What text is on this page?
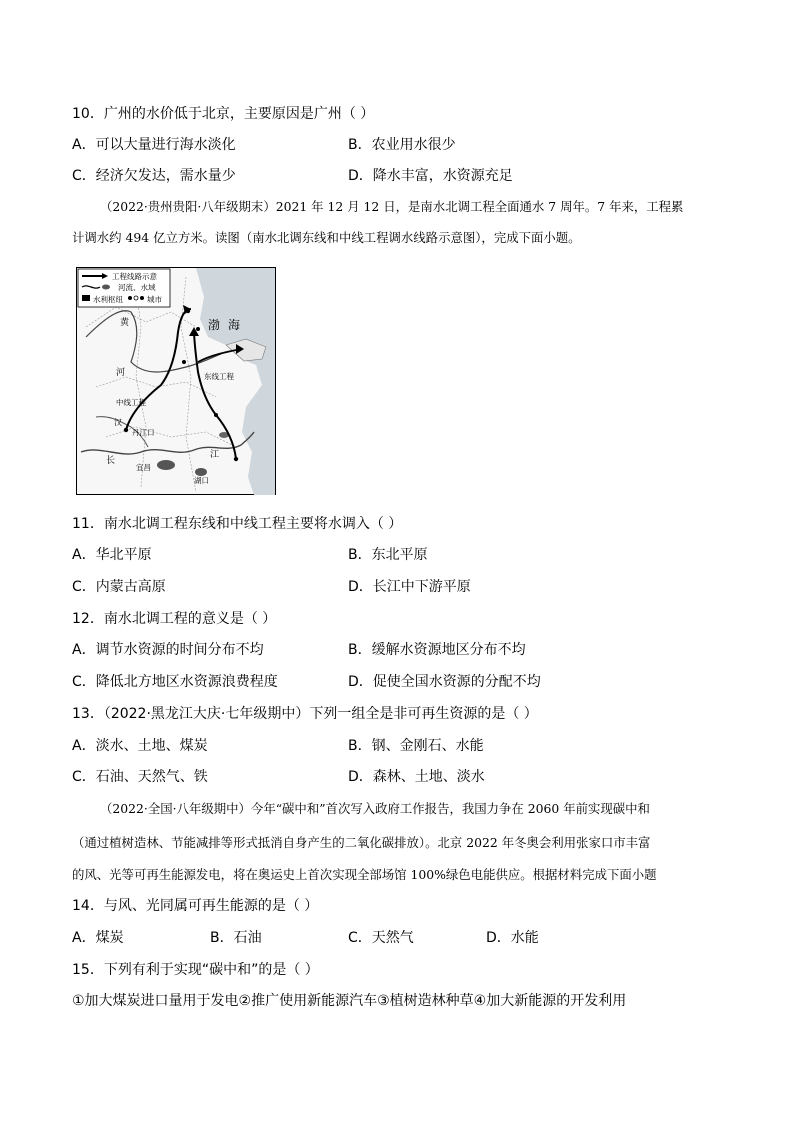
10．广州的水价低于北京，主要原因是广州（ ）
A．可以大量进行海水淡化	B．农业用水很少
C．经济欠发达，需水量少	D．降水丰富，水资源充足
（2022·贵州贵阳·八年级期末）2021 年 12 月 12 日，是南水北调工程全面通水 7 周年。7 年来，工程累
计调水约 494 亿立方米。读图（南水北调东线和中线工程调水线路示意图），完成下面小题。
工程线路示意
河流、水域
水利枢纽	城市
渤 海
黄
河	东线工程
中线工程
丹江口
汉
长
江
宜昌
湖口
11．南水北调工程东线和中线工程主要将水调入（ ）
A．华北平原	B．东北平原
C．内蒙古高原	D．长江中下游平原
12．南水北调工程的意义是（ ）
A．调节水资源的时间分布不均	B．缓解水资源地区分布不均
C．降低北方地区水资源浪费程度	D．促使全国水资源的分配不均
13．（2022·黑龙江大庆·七年级期中）下列一组全是非可再生资源的是（ ）
A．淡水、土地、煤炭	B．钢、金刚石、水能
C．石油、天然气、铁	D．森林、土地、淡水
（2022·全国·八年级期中）今年“碳中和”首次写入政府工作报告，我国力争在 2060 年前实现碳中和
（通过植树造林、节能减排等形式抵消自身产生的二氧化碳排放）。北京 2022 年冬奥会利用张家口市丰富
的风、光等可再生能源发电，将在奥运史上首次实现全部场馆 100%绿色电能供应。根据材料完成下面小题
14．与风、光同属可再生能源的是（ ）
A．煤炭	B．石油	C．天然气	D．水能
15．下列有利于实现“碳中和”的是（ ）
①加大煤炭进口量用于发电②推广使用新能源汽车③植树造林种草④加大新能源的开发利用
